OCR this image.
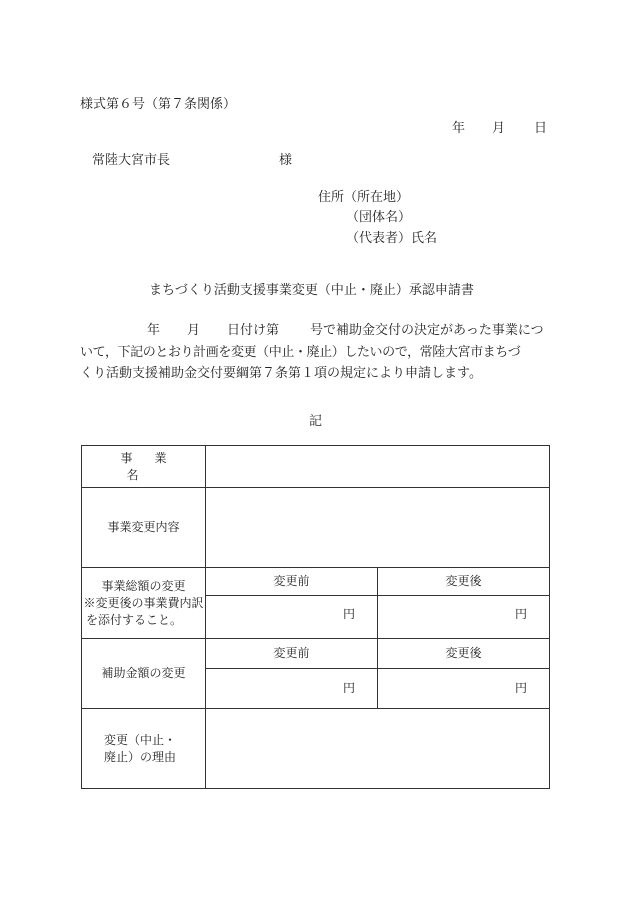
様式第６号（第７条関係）
年 月 日
常陸大宮市長	様
住所（所在地）
（団体名）
（代表者）氏名
まちづくり活動支援事業変更（中止・廃止）承認申請書
年 月 日付け第 号で補助金交付の決定があった事業につ
いて，下記のとおり計画を変更（中止・廃止）したいので，常陸大宮市まちづ
くり活動支援補助金交付要綱第７条第１項の規定により申請します。
記
事業名		
事業変更内容		

事業総額の変更
※変更後の事業費内訳
を添付すること。	変更前	変更後
	円	円
補助金額の変更	変更前	変更後
	円	円

変更（中止・
廃止）の理由		
